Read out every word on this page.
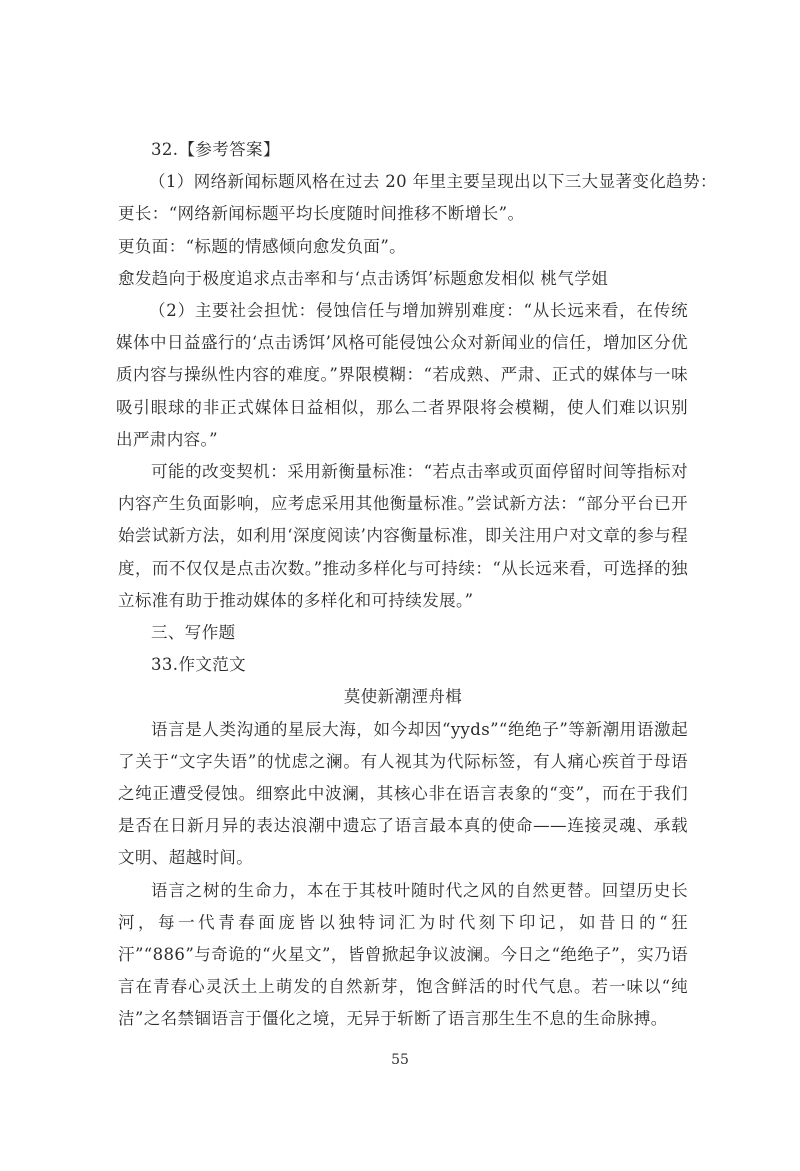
32.【参考答案】
（1）网络新闻标题风格在过去 20 年里主要呈现出以下三大显著变化趋势：
更长：“网络新闻标题平均长度随时间推移不断增长”。
更负面：“标题的情感倾向愈发负面”。
愈发趋向于极度追求点击率和与‘点击诱饵’标题愈发相似 桃气学姐
（2）主要社会担忧：侵蚀信任与增加辨别难度：“从长远来看，在传统媒体中日益盛行的‘点击诱饵’风格可能侵蚀公众对新闻业的信任，增加区分优质内容与操纵性内容的难度。”界限模糊：“若成熟、严肃、正式的媒体与一味吸引眼球的非正式媒体日益相似，那么二者界限将会模糊，使人们难以识别出严肃内容。”
可能的改变契机：采用新衡量标准：“若点击率或页面停留时间等指标对内容产生负面影响，应考虑采用其他衡量标准。”尝试新方法：“部分平台已开始尝试新方法，如利用‘深度阅读’内容衡量标准，即关注用户对文章的参与程度，而不仅仅是点击次数。”推动多样化与可持续：“从长远来看，可选择的独立标准有助于推动媒体的多样化和可持续发展。”
三、写作题
33.作文范文
莫使新潮湮舟楫
语言是人类沟通的星辰大海，如今却因“yyds”“绝绝子”等新潮用语激起了关于“文字失语”的忧虑之澜。有人视其为代际标签，有人痛心疾首于母语之纯正遭受侵蚀。细察此中波澜，其核心非在语言表象的“变”，而在于我们是否在日新月异的表达浪潮中遗忘了语言最本真的使命——连接灵魂、承载文明、超越时间。
语言之树的生命力，本在于其枝叶随时代之风的自然更替。回望历史长河，每一代青春面庞皆以独特词汇为时代刻下印记，如昔日的“狂汗”“886”与奇诡的“火星文”，皆曾掀起争议波澜。今日之“绝绝子”，实乃语言在青春心灵沃土上萌发的自然新芽，饱含鲜活的时代气息。若一味以“纯洁”之名禁锢语言于僵化之境，无异于斩断了语言那生生不息的生命脉搏。
55
